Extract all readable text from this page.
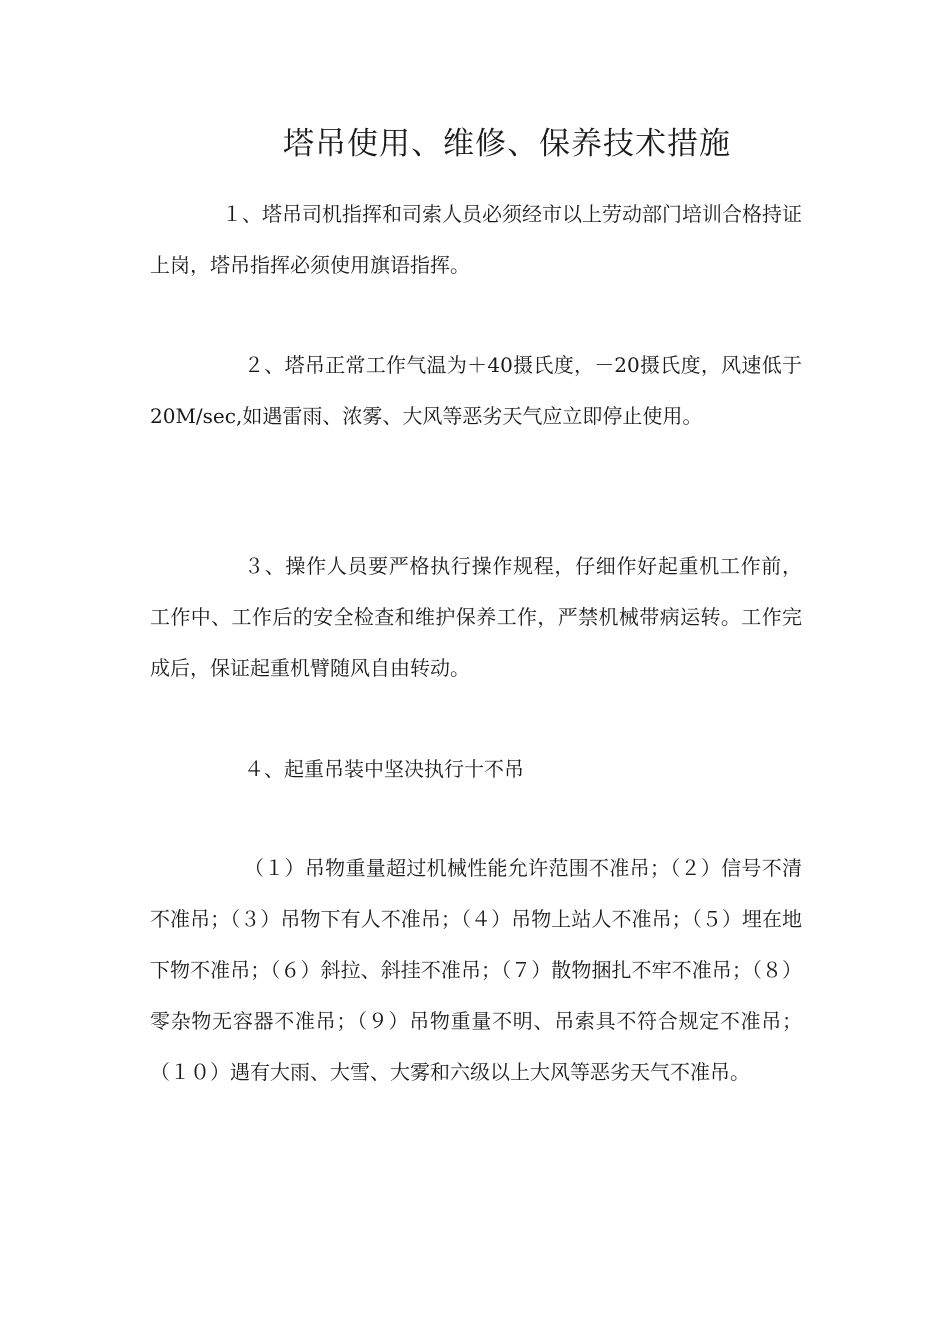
塔吊使用、维修、保养技术措施

１、塔吊司机指挥和司索人员必须经市以上劳动部门培训合格持证上岗，塔吊指挥必须使用旗语指挥。

２、塔吊正常工作气温为＋40摄氏度，－20摄氏度，风速低于20M/sec,如遇雷雨、浓雾、大风等恶劣天气应立即停止使用。

３、操作人员要严格执行操作规程，仔细作好起重机工作前，工作中、工作后的安全检查和维护保养工作，严禁机械带病运转。工作完成后，保证起重机臂随风自由转动。

４、起重吊装中坚决执行十不吊

（１）吊物重量超过机械性能允许范围不准吊；（２）信号不清不准吊；（３）吊物下有人不准吊；（４）吊物上站人不准吊；（５）埋在地下物不准吊；（６）斜拉、斜挂不准吊；（７）散物捆扎不牢不准吊；（８）零杂物无容器不准吊；（９）吊物重量不明、吊索具不符合规定不准吊；（１０）遇有大雨、大雪、大雾和六级以上大风等恶劣天气不准吊。
